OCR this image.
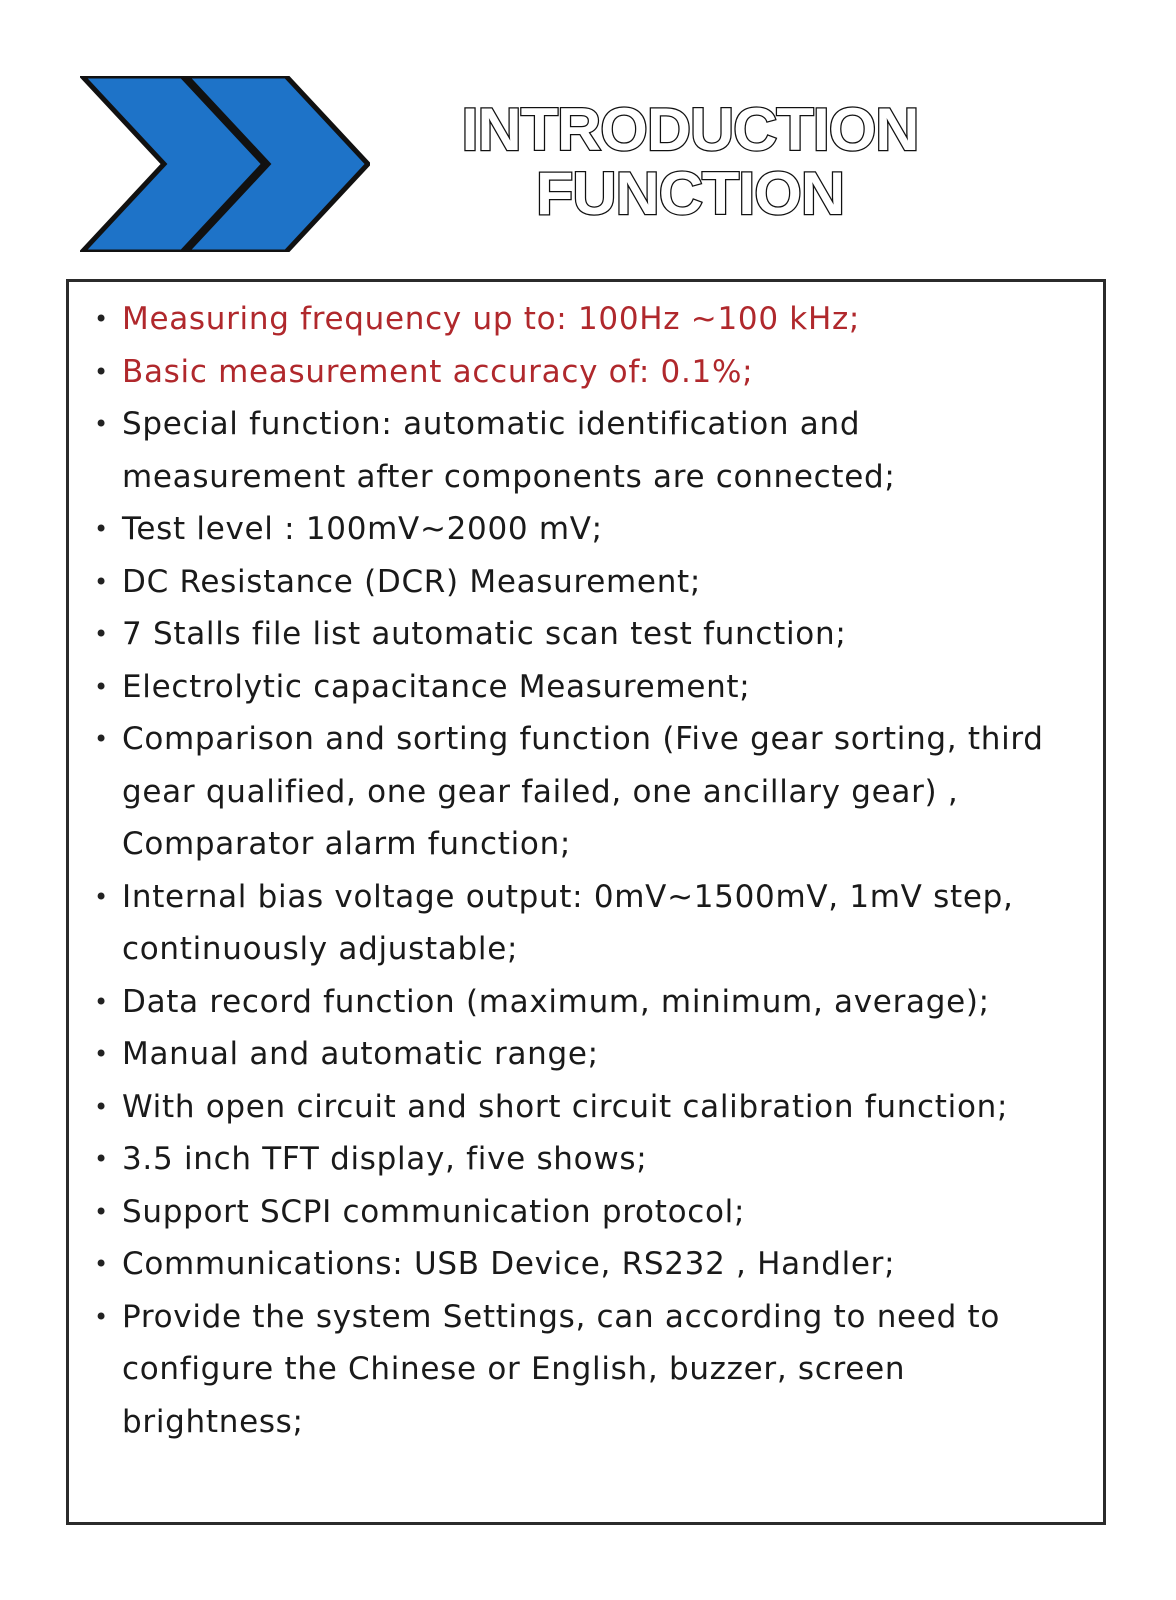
INTRODUCTION
FUNCTION
• Measuring frequency up to: 100Hz ~100 kHz;
• Basic measurement accuracy of: 0.1%;
• Special function: automatic identification and measurement after components are connected;
• Test level : 100mV~2000 mV;
• DC Resistance (DCR) Measurement;
• 7 Stalls file list automatic scan test function;
• Electrolytic capacitance Measurement;
• Comparison and sorting function (Five gear sorting, third gear qualified, one gear failed, one ancillary gear) , Comparator alarm function;
• Internal bias voltage output: 0mV~1500mV, 1mV step, continuously adjustable;
• Data record function (maximum, minimum, average);
• Manual and automatic range;
• With open circuit and short circuit calibration function;
• 3.5 inch TFT display, five shows;
• Support SCPI communication protocol;
• Communications: USB Device, RS232 , Handler;
• Provide the system Settings, can according to need to configure the Chinese or English, buzzer, screen brightness;
